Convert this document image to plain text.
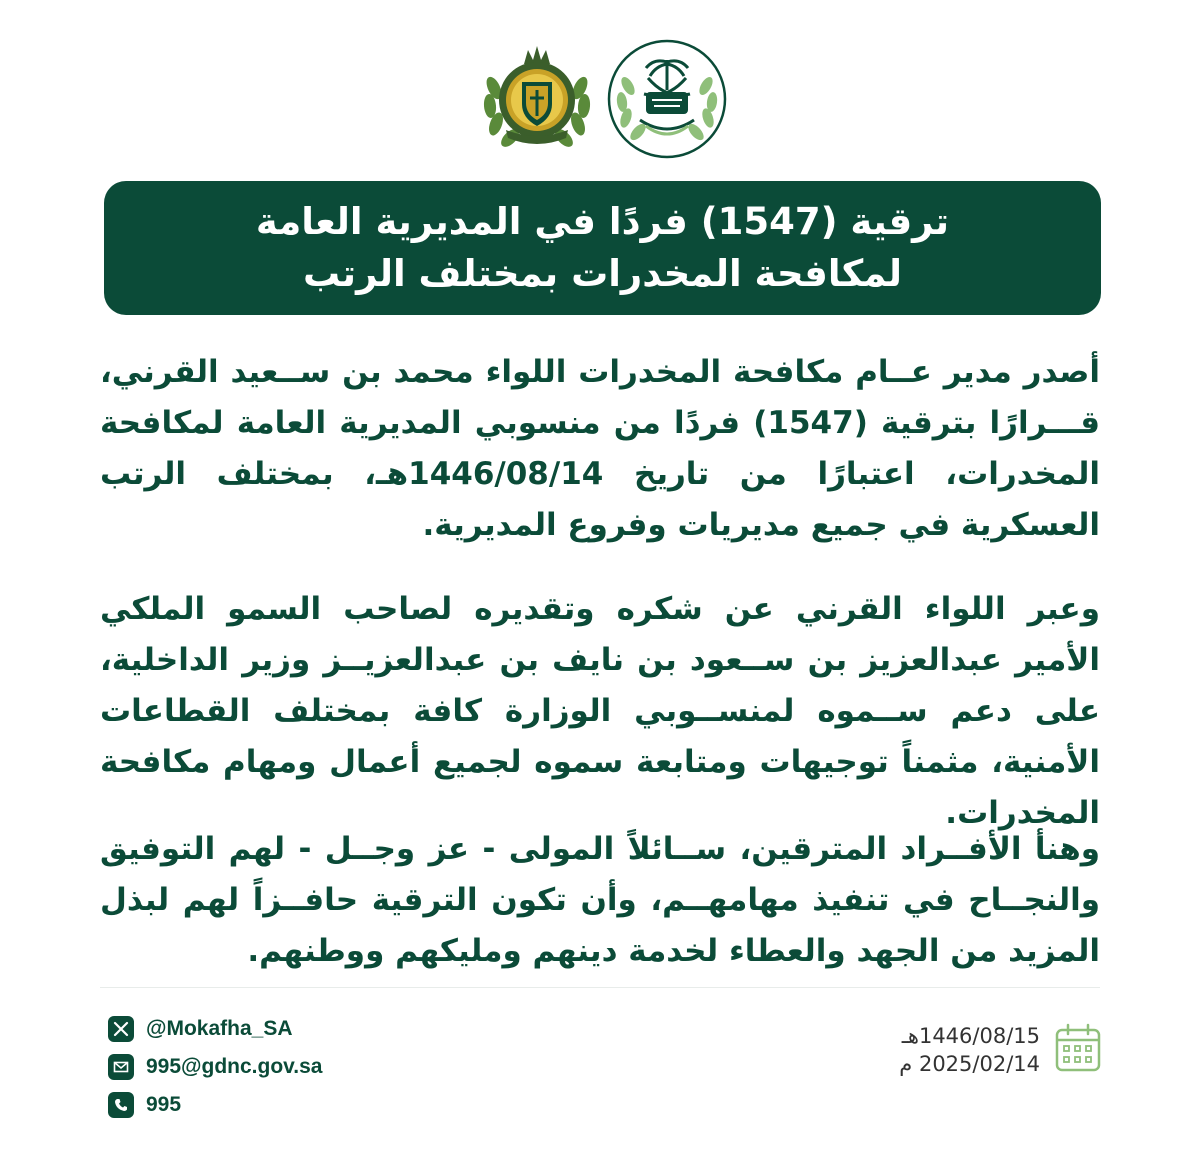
ترقية (1547) فردًا في المديرية العامة لمكافحة المخدرات بمختلف الرتب

أصدر مدير عــام مكافحة المخدرات اللواء محمد بن ســعيد القرني، قـــرارًا بترقية (1547) فردًا من منسوبي المديرية العامة لمكافحة المخدرات، اعتبارًا من تاريخ 1446/08/14هـ، بمختلف الرتب العسكرية في جميع مديريات وفروع المديرية.

وعبر اللواء القرني عن شكره وتقديره لصاحب السمو الملكي الأمير عبدالعزيز بن ســعود بن نايف بن عبدالعزيــز وزير الداخلية، على دعم ســموه لمنســوبي الوزارة كافة بمختلف القطاعات الأمنية، مثمناً توجيهات ومتابعة سموه لجميع أعمال ومهام مكافحة المخدرات.

وهنأ الأفــراد المترقين، ســائلاً المولى - عز وجــل - لهم التوفيق والنجــاح في تنفيذ مهامهــم، وأن تكون الترقية حافــزاً لهم لبذل المزيد من الجهد والعطاء لخدمة دينهم ومليكهم ووطنهم.

@Mokafha_SA
995@gdnc.gov.sa
995
1446/08/15هـ
2025/02/14 م
